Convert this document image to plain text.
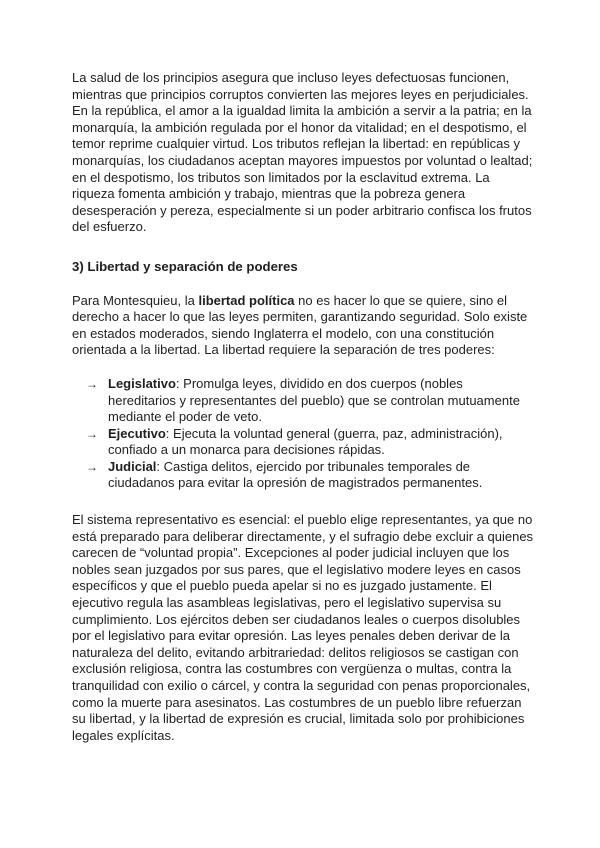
La salud de los principios asegura que incluso leyes defectuosas funcionen, mientras que principios corruptos convierten las mejores leyes en perjudiciales. En la república, el amor a la igualdad limita la ambición a servir a la patria; en la monarquía, la ambición regulada por el honor da vitalidad; en el despotismo, el temor reprime cualquier virtud. Los tributos reflejan la libertad: en repúblicas y monarquías, los ciudadanos aceptan mayores impuestos por voluntad o lealtad; en el despotismo, los tributos son limitados por la esclavitud extrema. La riqueza fomenta ambición y trabajo, mientras que la pobreza genera desesperación y pereza, especialmente si un poder arbitrario confisca los frutos del esfuerzo.

3) Libertad y separación de poderes

Para Montesquieu, la libertad política no es hacer lo que se quiere, sino el derecho a hacer lo que las leyes permiten, garantizando seguridad. Solo existe en estados moderados, siendo Inglaterra el modelo, con una constitución orientada a la libertad. La libertad requiere la separación de tres poderes:

→ Legislativo: Promulga leyes, dividido en dos cuerpos (nobles hereditarios y representantes del pueblo) que se controlan mutuamente mediante el poder de veto.
→ Ejecutivo: Ejecuta la voluntad general (guerra, paz, administración), confiado a un monarca para decisiones rápidas.
→ Judicial: Castiga delitos, ejercido por tribunales temporales de ciudadanos para evitar la opresión de magistrados permanentes.

El sistema representativo es esencial: el pueblo elige representantes, ya que no está preparado para deliberar directamente, y el sufragio debe excluir a quienes carecen de “voluntad propia”. Excepciones al poder judicial incluyen que los nobles sean juzgados por sus pares, que el legislativo modere leyes en casos específicos y que el pueblo pueda apelar si no es juzgado justamente. El ejecutivo regula las asambleas legislativas, pero el legislativo supervisa su cumplimiento. Los ejércitos deben ser ciudadanos leales o cuerpos disolubles por el legislativo para evitar opresión. Las leyes penales deben derivar de la naturaleza del delito, evitando arbitrariedad: delitos religiosos se castigan con exclusión religiosa, contra las costumbres con vergüenza o multas, contra la tranquilidad con exilio o cárcel, y contra la seguridad con penas proporcionales, como la muerte para asesinatos. Las costumbres de un pueblo libre refuerzan su libertad, y la libertad de expresión es crucial, limitada solo por prohibiciones legales explícitas.
